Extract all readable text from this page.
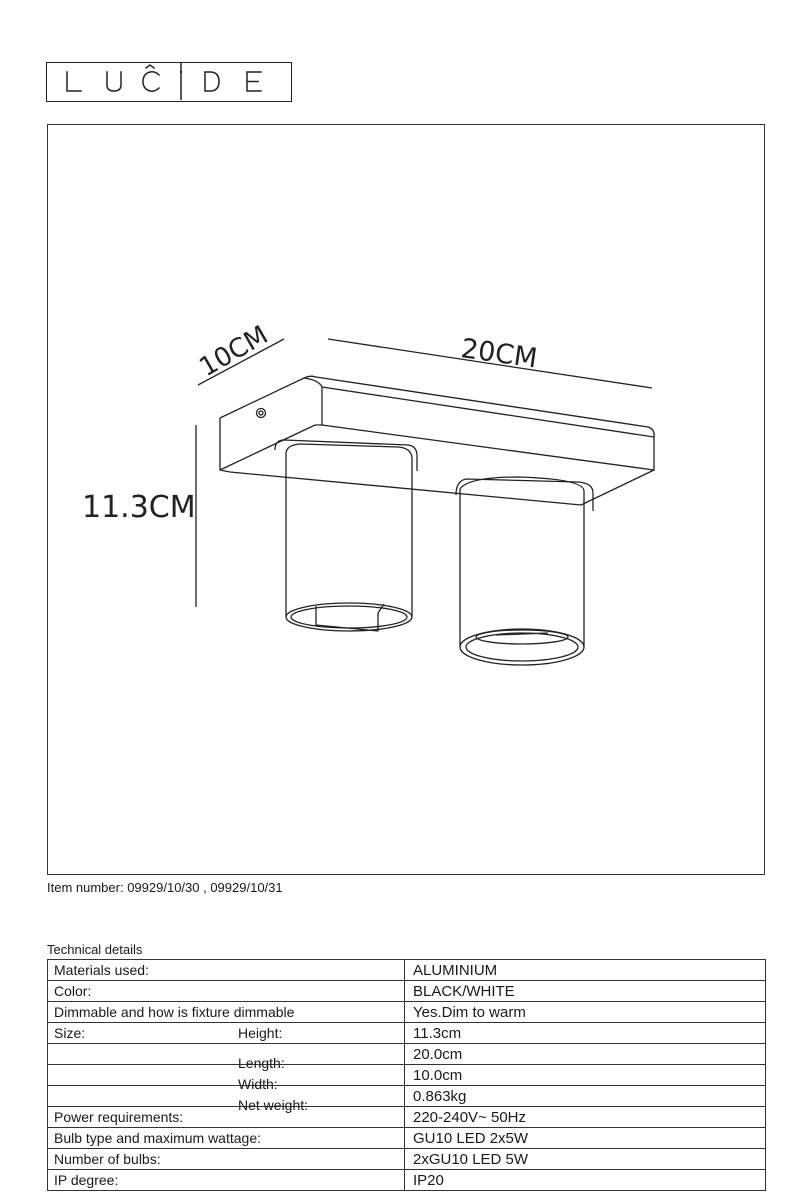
10CM	20CM
11.3CM
Item number: 09929/10/30 , 09929/10/31
Technical details
Materials used:		ALUMINIUM

Color:		BLACK/WHITE

Dimmable and how is fixture dimmable		Yes.Dim to warm

Size: Height:		11.3cm

Length:		20.0cm

Width:		10.0cm

Net weight:		0.863kg

Power requirements:		220-240V~ 50Hz

Bulb type and maximum wattage:		GU10 LED 2x5W

Number of bulbs:		2xGU10 LED 5W

IP degree:		IP20
